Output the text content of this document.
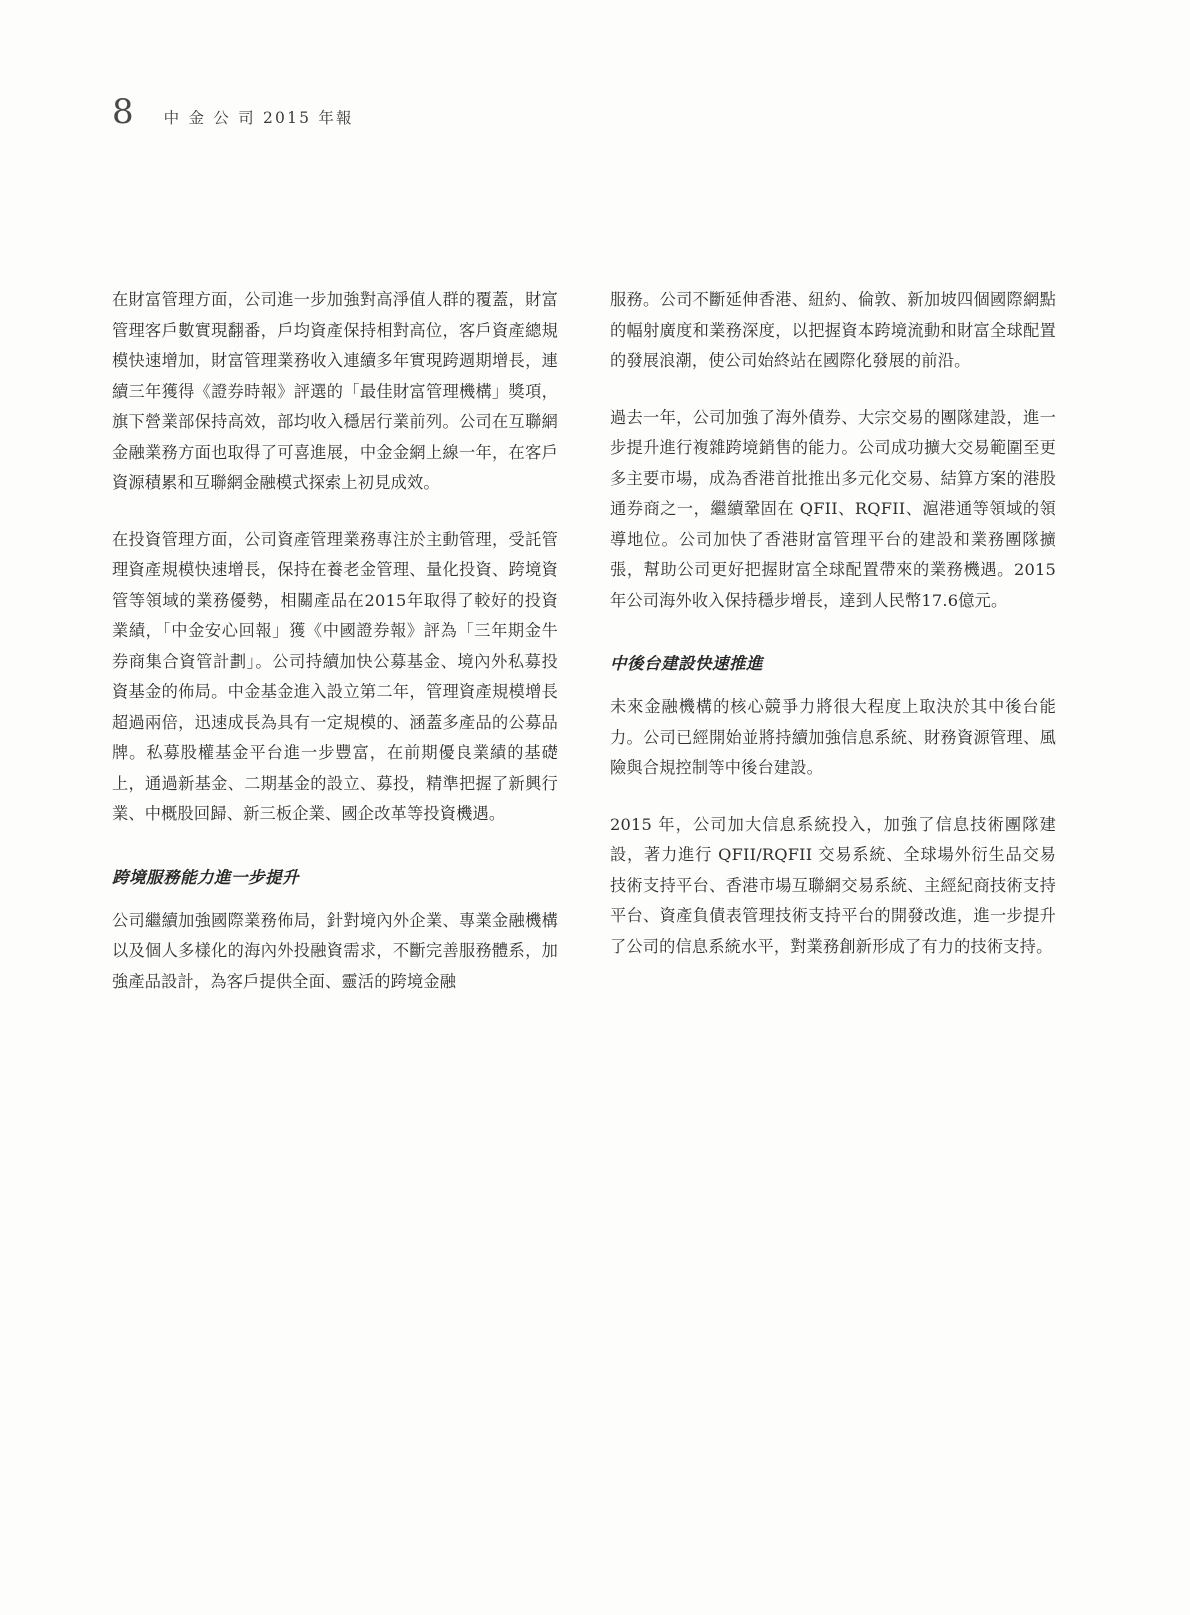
8 中 金 公 司 2015 年報

在財富管理方面，公司進一步加強對高淨值人群的覆蓋，財富管理客戶數實現翻番，戶均資產保持相對高位，客戶資產總規模快速增加，財富管理業務收入連續多年實現跨週期增長，連續三年獲得《證券時報》評選的「最佳財富管理機構」獎項，旗下營業部保持高效，部均收入穩居行業前列。公司在互聯網金融業務方面也取得了可喜進展，中金金網上線一年，在客戶資源積累和互聯網金融模式探索上初見成效。

在投資管理方面，公司資產管理業務專注於主動管理，受託管理資產規模快速增長，保持在養老金管理、量化投資、跨境資管等領域的業務優勢，相關產品在2015年取得了較好的投資業績，「中金安心回報」獲《中國證券報》評為「三年期金牛券商集合資管計劃」。公司持續加快公募基金、境內外私募投資基金的佈局。中金基金進入設立第二年，管理資產規模增長超過兩倍，迅速成長為具有一定規模的、涵蓋多產品的公募品牌。私募股權基金平台進一步豐富，在前期優良業績的基礎上，通過新基金、二期基金的設立、募投，精準把握了新興行業、中概股回歸、新三板企業、國企改革等投資機遇。

跨境服務能力進一步提升

公司繼續加強國際業務佈局，針對境內外企業、專業金融機構以及個人多樣化的海內外投融資需求，不斷完善服務體系，加強產品設計，為客戶提供全面、靈活的跨境金融

服務。公司不斷延伸香港、紐約、倫敦、新加坡四個國際網點的幅射廣度和業務深度，以把握資本跨境流動和財富全球配置的發展浪潮，使公司始終站在國際化發展的前沿。

過去一年，公司加強了海外債券、大宗交易的團隊建設，進一步提升進行複雜跨境銷售的能力。公司成功擴大交易範圍至更多主要市場，成為香港首批推出多元化交易、結算方案的港股通券商之一，繼續鞏固在 QFII、RQFII、滬港通等領域的領導地位。公司加快了香港財富管理平台的建設和業務團隊擴張，幫助公司更好把握財富全球配置帶來的業務機遇。2015 年公司海外收入保持穩步增長，達到人民幣17.6億元。

中後台建設快速推進

未來金融機構的核心競爭力將很大程度上取決於其中後台能力。公司已經開始並將持續加強信息系統、財務資源管理、風險與合規控制等中後台建設。

2015 年，公司加大信息系統投入，加強了信息技術團隊建設，著力進行 QFII/RQFII 交易系統、全球場外衍生品交易技術支持平台、香港市場互聯網交易系統、主經紀商技術支持平台、資產負債表管理技術支持平台的開發改進，進一步提升了公司的信息系統水平，對業務創新形成了有力的技術支持。
